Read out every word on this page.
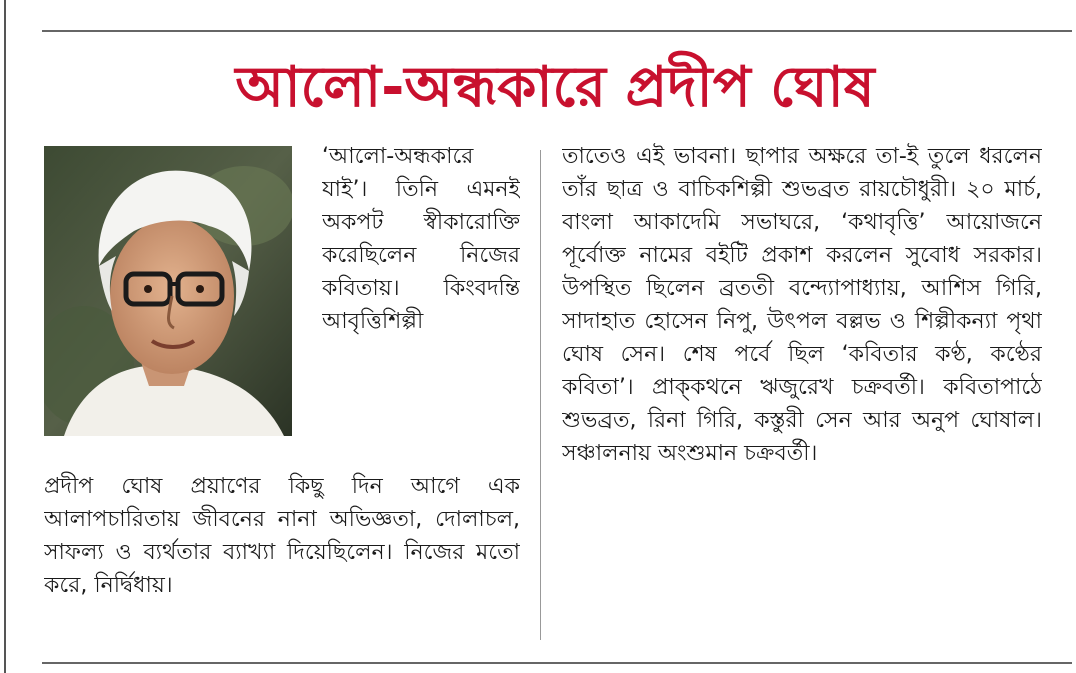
আলো-অন্ধকারে প্রদীপ ঘোষ
‘আলো-অন্ধকারে যাই’। তিনি এমনই অকপট স্বীকারোক্তি করেছিলেন নিজের কবিতায়। কিংবদন্তি আবৃত্তিশিল্পী
প্রদীপ ঘোষ প্রয়াণের কিছু দিন আগে এক আলাপচারিতায় জীবনের নানা অভিজ্ঞতা, দোলাচল, সাফল্য ও ব্যর্থতার ব্যাখ্যা দিয়েছিলেন। নিজের মতো করে, নির্দ্বিধায়।
তাতেও এই ভাবনা। ছাপার অক্ষরে তা-ই তুলে ধরলেন তাঁর ছাত্র ও বাচিকশিল্পী শুভব্রত রায়চৌধুরী। ২০ মার্চ, বাংলা আকাদেমি সভাঘরে, ‘কথাবৃত্তি’ আয়োজনে পূর্বোক্ত নামের বইটি প্রকাশ করলেন সুবোধ সরকার। উপস্থিত ছিলেন ব্রততী বন্দ্যোপাধ্যায়, আশিস গিরি, সাদাহাত হোসেন নিপু, উৎপল বল্লভ ও শিল্পীকন্যা পৃথা ঘোষ সেন। শেষ পর্বে ছিল ‘কবিতার কণ্ঠ, কণ্ঠের কবিতা’। প্রাক্‌কথনে ঋজুরেখ চক্রবর্তী। কবিতাপাঠে শুভব্রত, রিনা গিরি, কস্তুরী সেন আর অনুপ ঘোষাল। সঞ্চালনায় অংশুমান চক্রবর্তী।
